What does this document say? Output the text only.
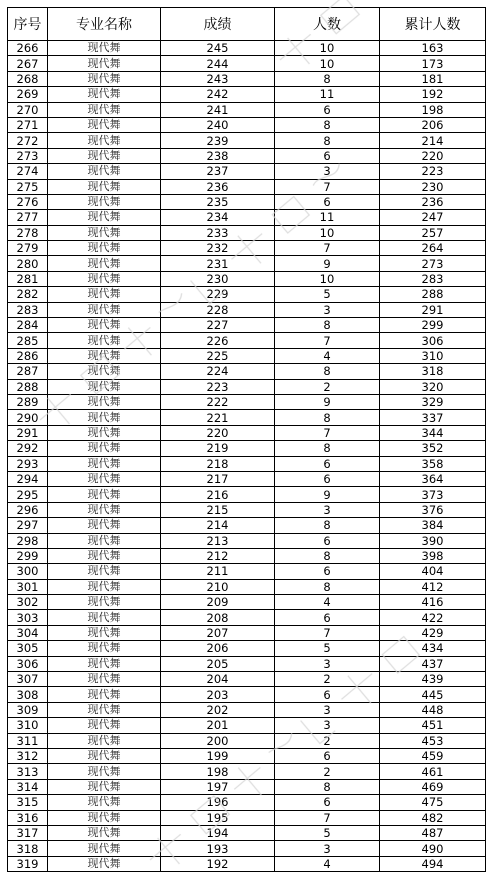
序号	专业名称	成绩	人数	累计人数
266	现代舞	245	10	163
267	现代舞	244	10	173
268	现代舞	243	8	181
269	现代舞	242	11	192
270	现代舞	241	6	198
271	现代舞	240	8	206
272	现代舞	239	8	214
273	现代舞	238	6	220
274	现代舞	237	3	223
275	现代舞	236	7	230
276	现代舞	235	6	236
277	现代舞	234	11	247
278	现代舞	233	10	257
279	现代舞	232	7	264
280	现代舞	231	9	273
281	现代舞	230	10	283
282	现代舞	229	5	288
283	现代舞	228	3	291
284	现代舞	227	8	299
285	现代舞	226	7	306
286	现代舞	225	4	310
287	现代舞	224	8	318
288	现代舞	223	2	320
289	现代舞	222	9	329
290	现代舞	221	8	337
291	现代舞	220	7	344
292	现代舞	219	8	352
293	现代舞	218	6	358
294	现代舞	217	6	364
295	现代舞	216	9	373
296	现代舞	215	3	376
297	现代舞	214	8	384
298	现代舞	213	6	390
299	现代舞	212	8	398
300	现代舞	211	6	404
301	现代舞	210	8	412
302	现代舞	209	4	416
303	现代舞	208	6	422
304	现代舞	207	7	429
305	现代舞	206	5	434
306	现代舞	205	3	437
307	现代舞	204	2	439
308	现代舞	203	6	445
309	现代舞	202	3	448
310	现代舞	201	3	451
311	现代舞	200	2	453
312	现代舞	199	6	459
313	现代舞	198	2	461
314	现代舞	197	8	469
315	现代舞	196	6	475
316	现代舞	195	7	482
317	现代舞	194	5	487
318	现代舞	193	3	490
319	现代舞	192	4	494
